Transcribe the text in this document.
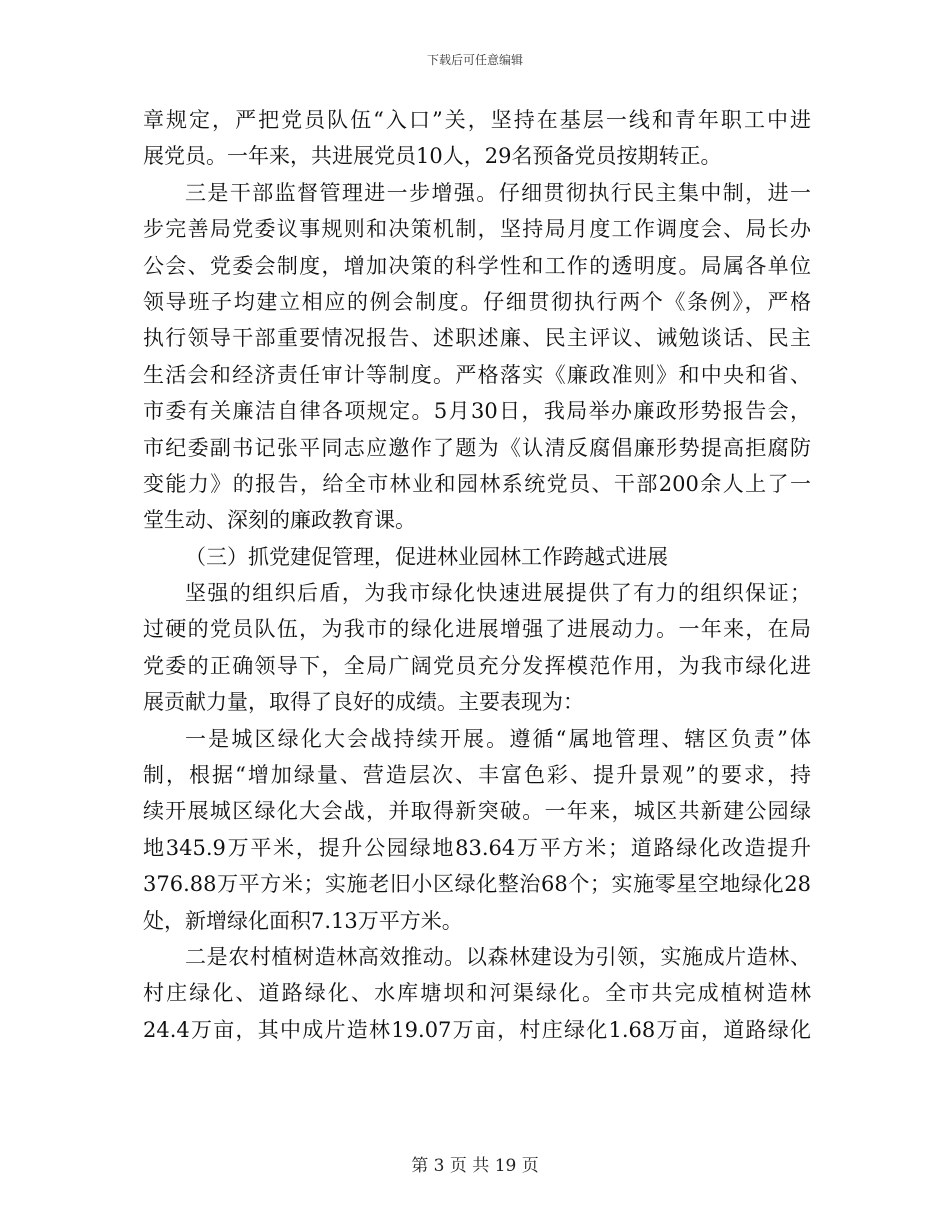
下载后可任意编辑
章规定，严把党员队伍“入口”关，坚持在基层一线和青年职工中进
展党员。一年来，共进展党员10人，29名预备党员按期转正。
三是干部监督管理进一步增强。仔细贯彻执行民主集中制，进一
步完善局党委议事规则和决策机制，坚持局月度工作调度会、局长办
公会、党委会制度，增加决策的科学性和工作的透明度。局属各单位
领导班子均建立相应的例会制度。仔细贯彻执行两个《条例》，严格
执行领导干部重要情况报告、述职述廉、民主评议、诫勉谈话、民主
生活会和经济责任审计等制度。严格落实《廉政准则》和中央和省、
市委有关廉洁自律各项规定。5月30日，我局举办廉政形势报告会，
市纪委副书记张平同志应邀作了题为《认清反腐倡廉形势提高拒腐防
变能力》的报告，给全市林业和园林系统党员、干部200余人上了一
堂生动、深刻的廉政教育课。
（三）抓党建促管理，促进林业园林工作跨越式进展
坚强的组织后盾，为我市绿化快速进展提供了有力的组织保证；
过硬的党员队伍，为我市的绿化进展增强了进展动力。一年来，在局
党委的正确领导下，全局广阔党员充分发挥模范作用，为我市绿化进
展贡献力量，取得了良好的成绩。主要表现为：
一是城区绿化大会战持续开展。遵循“属地管理、辖区负责”体
制，根据“增加绿量、营造层次、丰富色彩、提升景观”的要求，持
续开展城区绿化大会战，并取得新突破。一年来，城区共新建公园绿
地345.9万平米，提升公园绿地83.64万平方米；道路绿化改造提升
376.88万平方米；实施老旧小区绿化整治68个；实施零星空地绿化28
处，新增绿化面积7.13万平方米。
二是农村植树造林高效推动。以森林建设为引领，实施成片造林、
村庄绿化、道路绿化、水库塘坝和河渠绿化。全市共完成植树造林
24.4万亩，其中成片造林19.07万亩，村庄绿化1.68万亩，道路绿化
第 3 页 共 19 页
